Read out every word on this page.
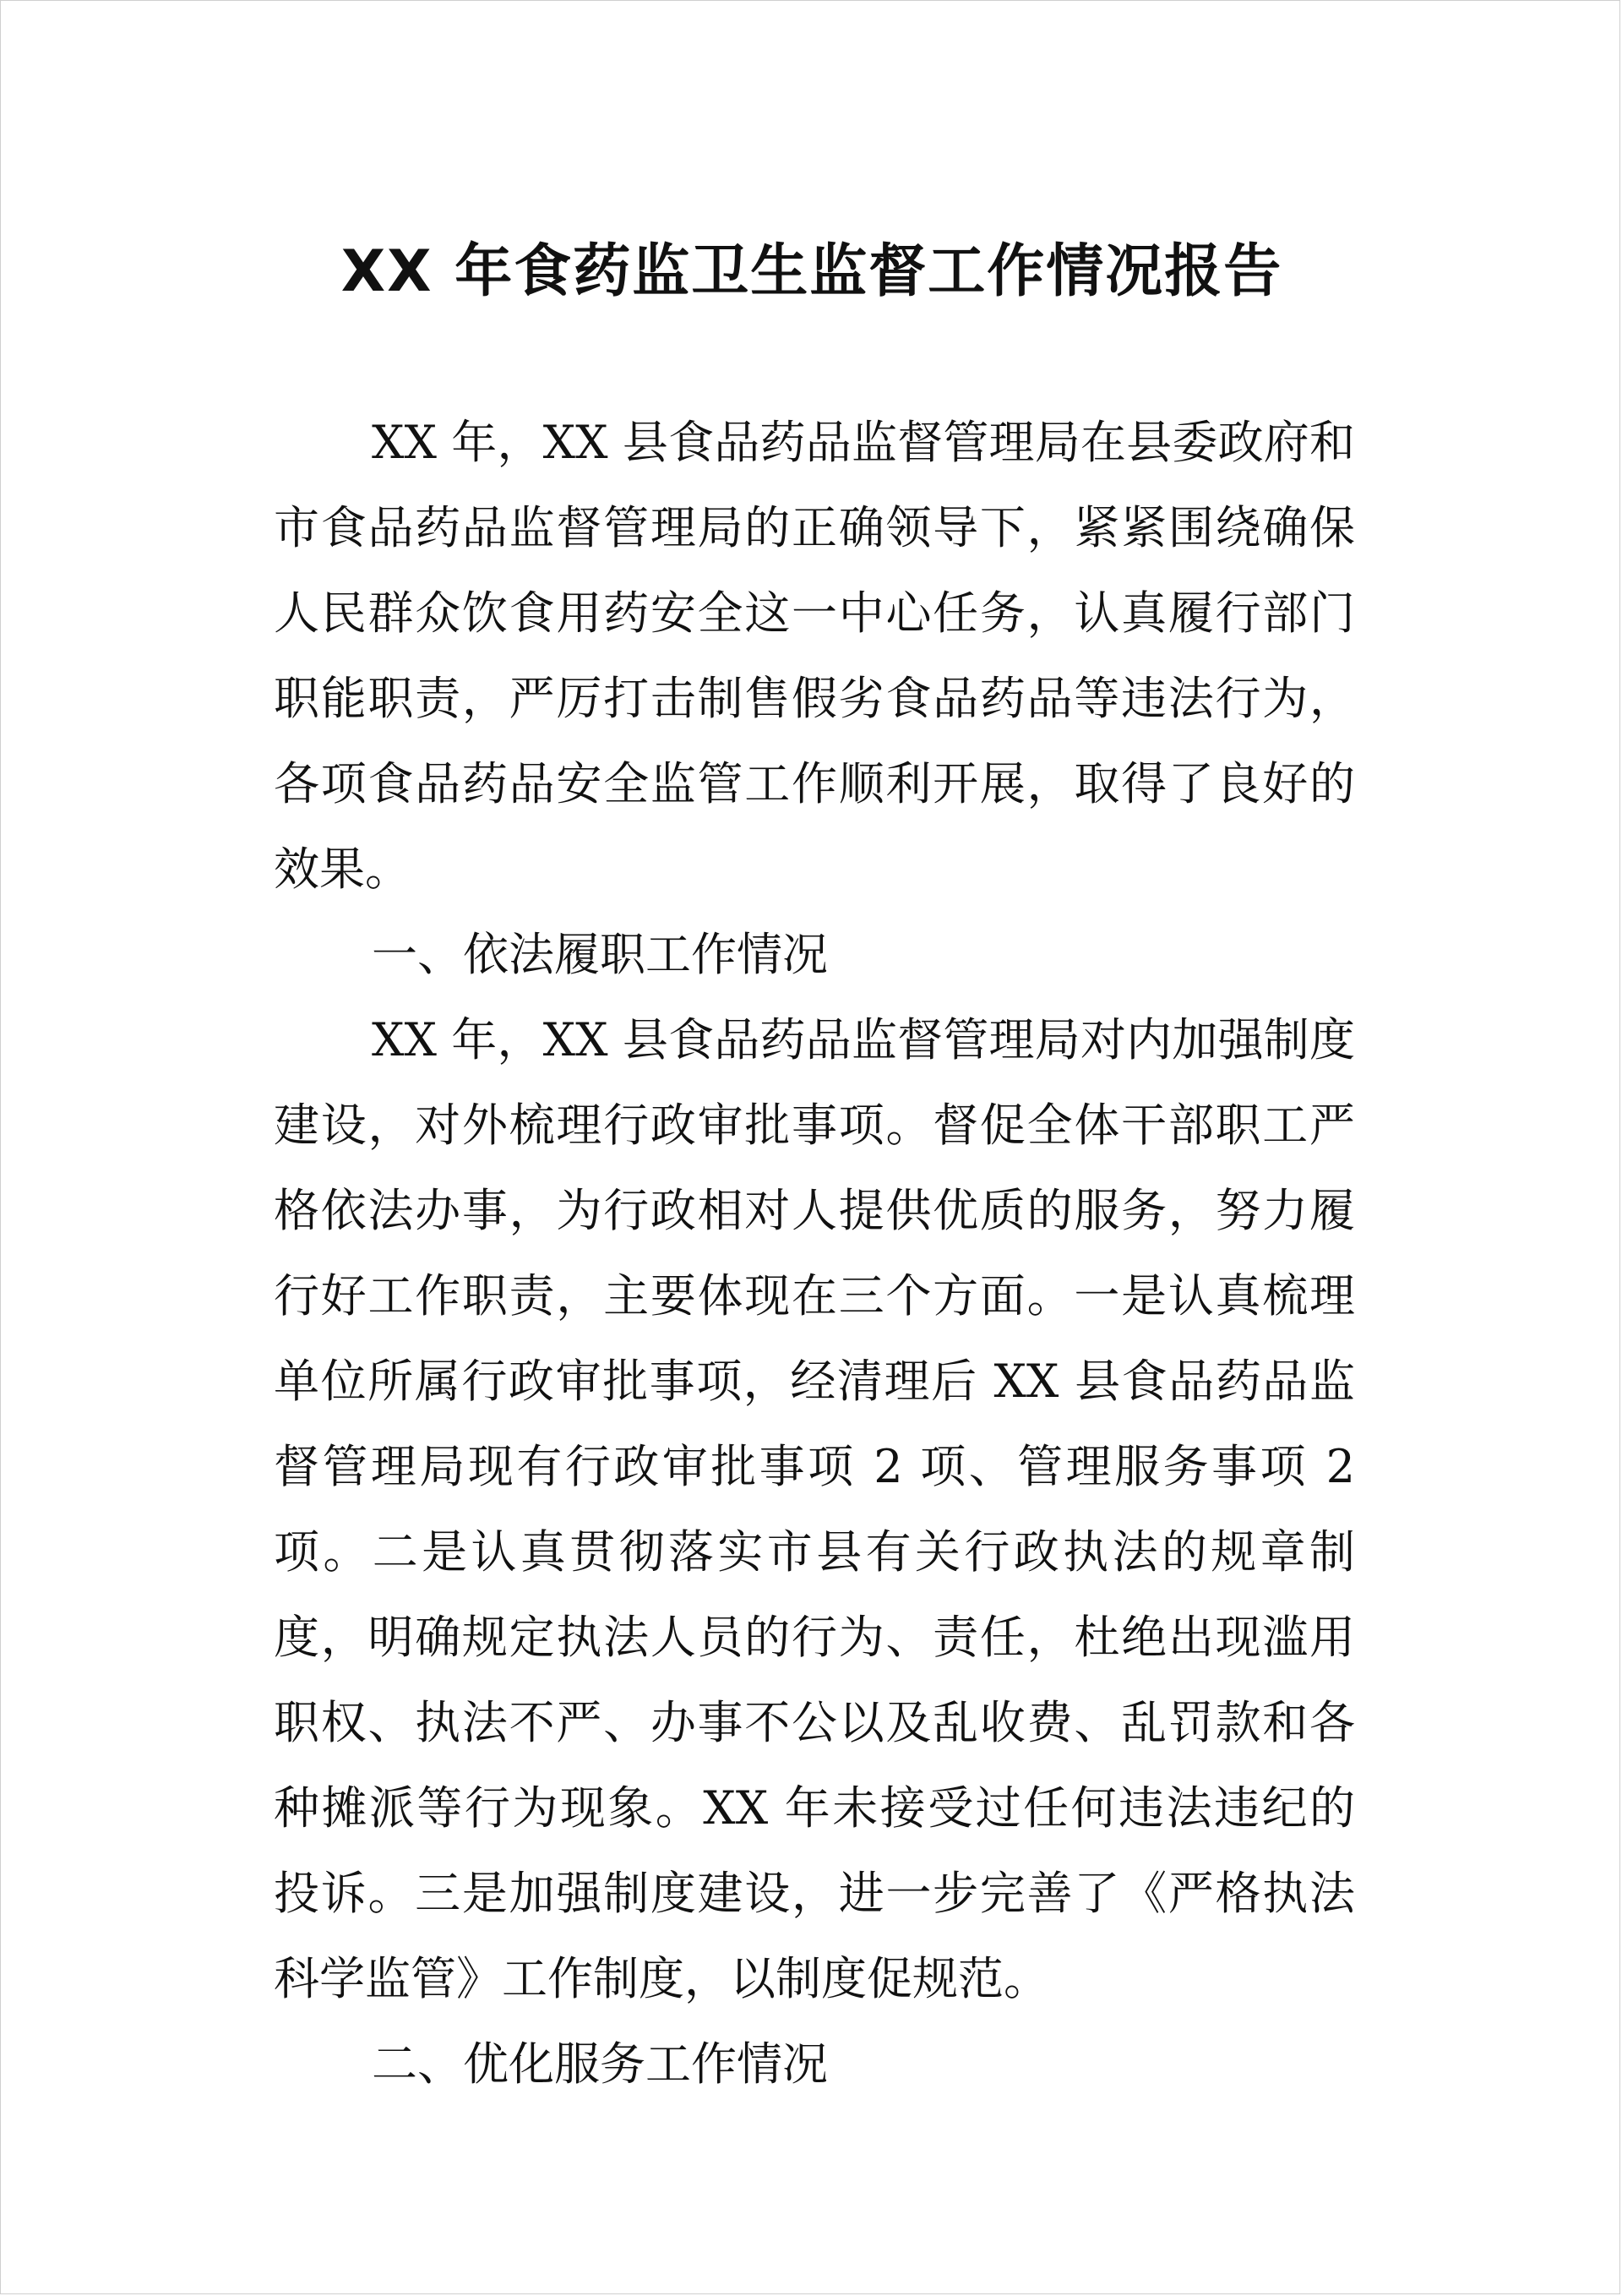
XX 年食药监卫生监督工作情况报告

XX 年，XX 县食品药品监督管理局在县委政府和市食品药品监督管理局的正确领导下，紧紧围绕确保人民群众饮食用药安全这一中心任务，认真履行部门职能职责，严厉打击制售假劣食品药品等违法行为，各项食品药品安全监管工作顺利开展，取得了良好的效果。

一、依法履职工作情况

XX 年，XX 县食品药品监督管理局对内加强制度建设，对外梳理行政审批事项。督促全体干部职工严格依法办事，为行政相对人提供优质的服务，努力履行好工作职责，主要体现在三个方面。一是认真梳理单位所属行政审批事项，经清理后 XX 县食品药品监督管理局现有行政审批事项 2 项、管理服务事项 2 项。二是认真贯彻落实市县有关行政执法的规章制度，明确规定执法人员的行为、责任，杜绝出现滥用职权、执法不严、办事不公以及乱收费、乱罚款和各种摊派等行为现象。XX 年未接受过任何违法违纪的投诉。三是加强制度建设，进一步完善了《严格执法科学监管》工作制度，以制度促规范。

二、优化服务工作情况
